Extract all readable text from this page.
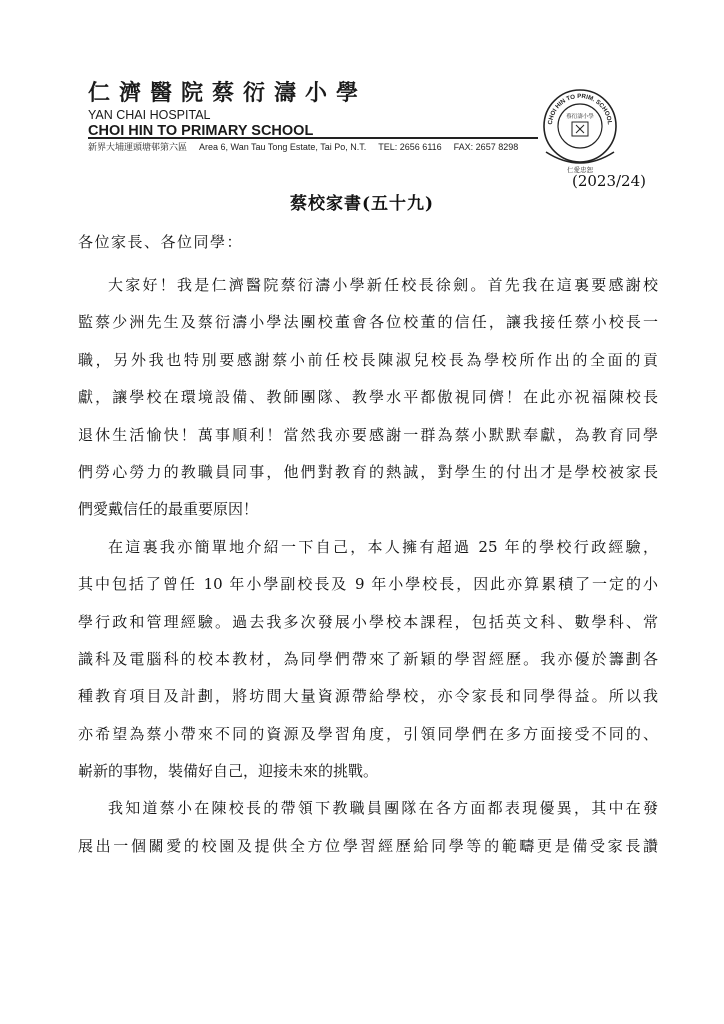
仁濟醫院蔡衍濤小學
YAN CHAI HOSPITAL
CHOI HIN TO PRIMARY SCHOOL
新界大埔運頭塘邨第六區 Area 6, Wan Tau Tong Estate, Tai Po, N.T. TEL: 2656 6116 FAX: 2657 8298
CHOI HIN TO PRIM. SCHOOL
蔡衍濤小學
仁愛忠恕
(2023/24)
蔡校家書(五十九)
各位家長、各位同學：
大家好！我是仁濟醫院蔡衍濤小學新任校長徐劍。首先我在這裏要感謝校
監蔡少洲先生及蔡衍濤小學法團校董會各位校董的信任，讓我接任蔡小校長一
職，另外我也特別要感謝蔡小前任校長陳淑兒校長為學校所作出的全面的貢
獻，讓學校在環境設備、教師團隊、教學水平都傲視同儕！在此亦祝福陳校長
退休生活愉快！萬事順利！當然我亦要感謝一群為蔡小默默奉獻，為教育同學
們勞心勞力的教職員同事，他們對教育的熱誠，對學生的付出才是學校被家長
們愛戴信任的最重要原因！
在這裏我亦簡單地介紹一下自己，本人擁有超過 25 年的學校行政經驗，
其中包括了曾任 10 年小學副校長及 9 年小學校長，因此亦算累積了一定的小
學行政和管理經驗。過去我多次發展小學校本課程，包括英文科、數學科、常
識科及電腦科的校本教材，為同學們帶來了新穎的學習經歷。我亦優於籌劃各
種教育項目及計劃，將坊間大量資源帶給學校，亦令家長和同學得益。所以我
亦希望為蔡小帶來不同的資源及學習角度，引領同學們在多方面接受不同的、
嶄新的事物，裝備好自己，迎接未來的挑戰。
我知道蔡小在陳校長的帶領下教職員團隊在各方面都表現優異，其中在發
展出一個關愛的校園及提供全方位學習經歷給同學等的範疇更是備受家長讚
